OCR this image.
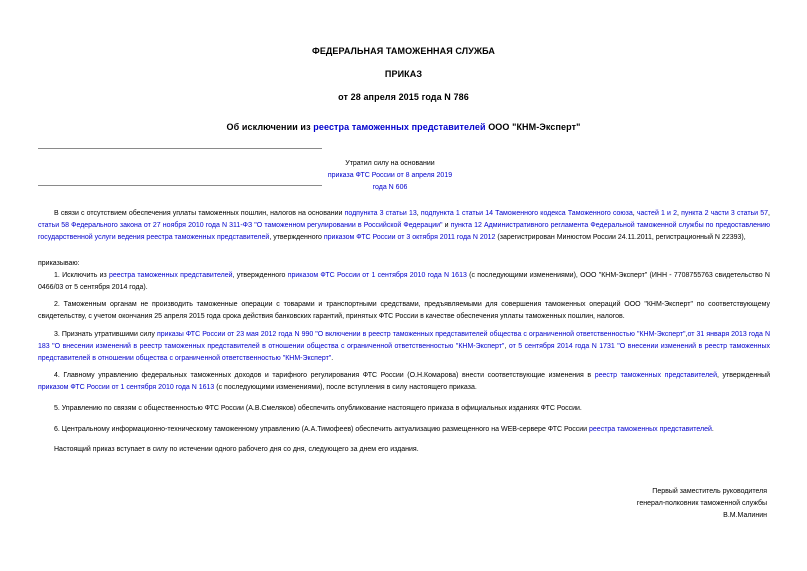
ФЕДЕРАЛЬНАЯ ТАМОЖЕННАЯ СЛУЖБА
ПРИКАЗ
от 28 апреля 2015 года N 786
Об исключении из реестра таможенных представителей ООО "КНМ-Эксперт"
Утратил силу на основании
приказа ФТС России от 8 апреля 2019 года N 606
В связи с отсутствием обеспечения уплаты таможенных пошлин, налогов на основании подпункта 3 статьи 13, подпункта 1 статьи 14 Таможенного кодекса Таможенного союза, частей 1 и 2, пункта 2 части 3 статьи 57, статьи 58 Федерального закона от 27 ноября 2010 года N 311-ФЗ "О таможенном регулировании в Российской Федерации" и пункта 12 Административного регламента Федеральной таможенной службы по предоставлению государственной услуги ведения реестра таможенных представителей, утвержденного приказом ФТС России от 3 октября 2011 года N 2012 (зарегистрирован Минюстом России 24.11.2011, регистрационный N 22393),
приказываю:
1. Исключить из реестра таможенных представителей, утвержденного приказом ФТС России от 1 сентября 2010 года N 1613 (с последующими изменениями), ООО "КНМ-Эксперт" (ИНН - 7708755763 свидетельство N 0466/03 от 5 сентября 2014 года).
2. Таможенным органам не производить таможенные операции с товарами и транспортными средствами, предъявляемыми для совершения таможенных операций ООО "КНМ-Эксперт" по соответствующему свидетельству, с учетом окончания 25 апреля 2015 года срока действия банковских гарантий, принятых ФТС России в качестве обеспечения уплаты таможенных пошлин, налогов.
3. Признать утратившими силу приказы ФТС России от 23 мая 2012 года N 990 "О включении в реестр таможенных представителей общества с ограниченной ответственностью "КНМ-Эксперт",от 31 января 2013 года N 183 "О внесении изменений в реестр таможенных представителей в отношении общества с ограниченной ответственностью "КНМ-Эксперт", от 5 сентября 2014 года N 1731 "О внесении изменений в реестр таможенных представителей в отношении общества с ограниченной ответственностью "КНМ-Эксперт".
4. Главному управлению федеральных таможенных доходов и тарифного регулирования ФТС России (О.Н.Комарова) внести соответствующие изменения в реестр таможенных представителей, утвержденный приказом ФТС России от 1 сентября 2010 года N 1613 (с последующими изменениями), после вступления в силу настоящего приказа.
5. Управлению по связям с общественностью ФТС России (А.В.Смеляков) обеспечить опубликование настоящего приказа в официальных изданиях ФТС России.
6. Центральному информационно-техническому таможенному управлению (А.А.Тимофеев) обеспечить актуализацию размещенного на WEB-сервере ФТС России реестра таможенных представителей.
Настоящий приказ вступает в силу по истечении одного рабочего дня со дня, следующего за днем его издания.
Первый заместитель руководителя
генерал-полковник таможенной службы
В.М.Малинин
